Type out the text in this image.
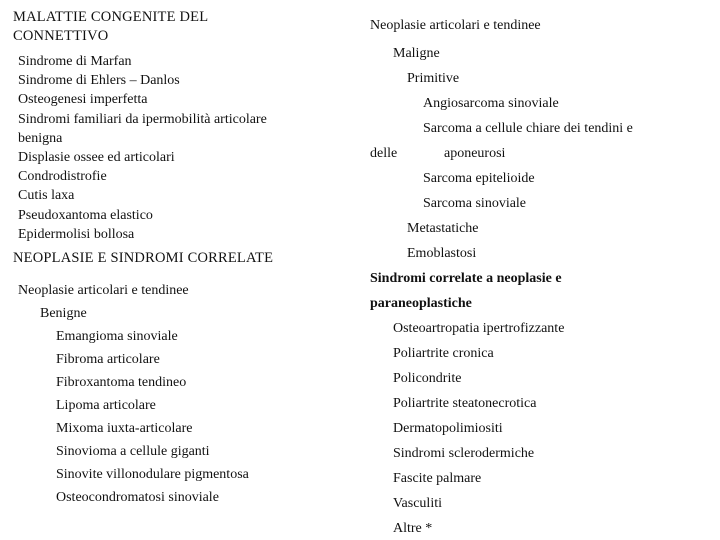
MALATTIE CONGENITE DEL
CONNETTIVO
Sindrome di Marfan
Sindrome di Ehlers – Danlos
Osteogenesi imperfetta
Sindromi familiari da ipermobilità articolare
benigna
Displasie ossee ed articolari
Condrodistrofie
Cutis laxa
Pseudoxantoma elastico
Epidermolisi bollosa
NEOPLASIE E SINDROMI CORRELATE
Neoplasie articolari e tendinee
Benigne
Emangioma sinoviale
Fibroma articolare
Fibroxantoma tendineo
Lipoma articolare
Mixoma iuxta-articolare
Sinovioma a cellule giganti
Sinovite villonodulare pigmentosa
Osteocondromatosi sinoviale
Neoplasie articolari e tendinee
Maligne
Primitive
Angiosarcoma sinoviale
Sarcoma a cellule chiare dei tendini e
delle	aponeurosi
Sarcoma epitelioide
Sarcoma sinoviale
Metastatiche
Emoblastosi
Sindromi correlate a neoplasie e
paraneoplastiche
Osteoartropatia ipertrofizzante
Poliartrite cronica
Policondrite
Poliartrite steatonecrotica
Dermatopolimiositi
Sindromi sclerodermiche
Fascite palmare
Vasculiti
Altre *
